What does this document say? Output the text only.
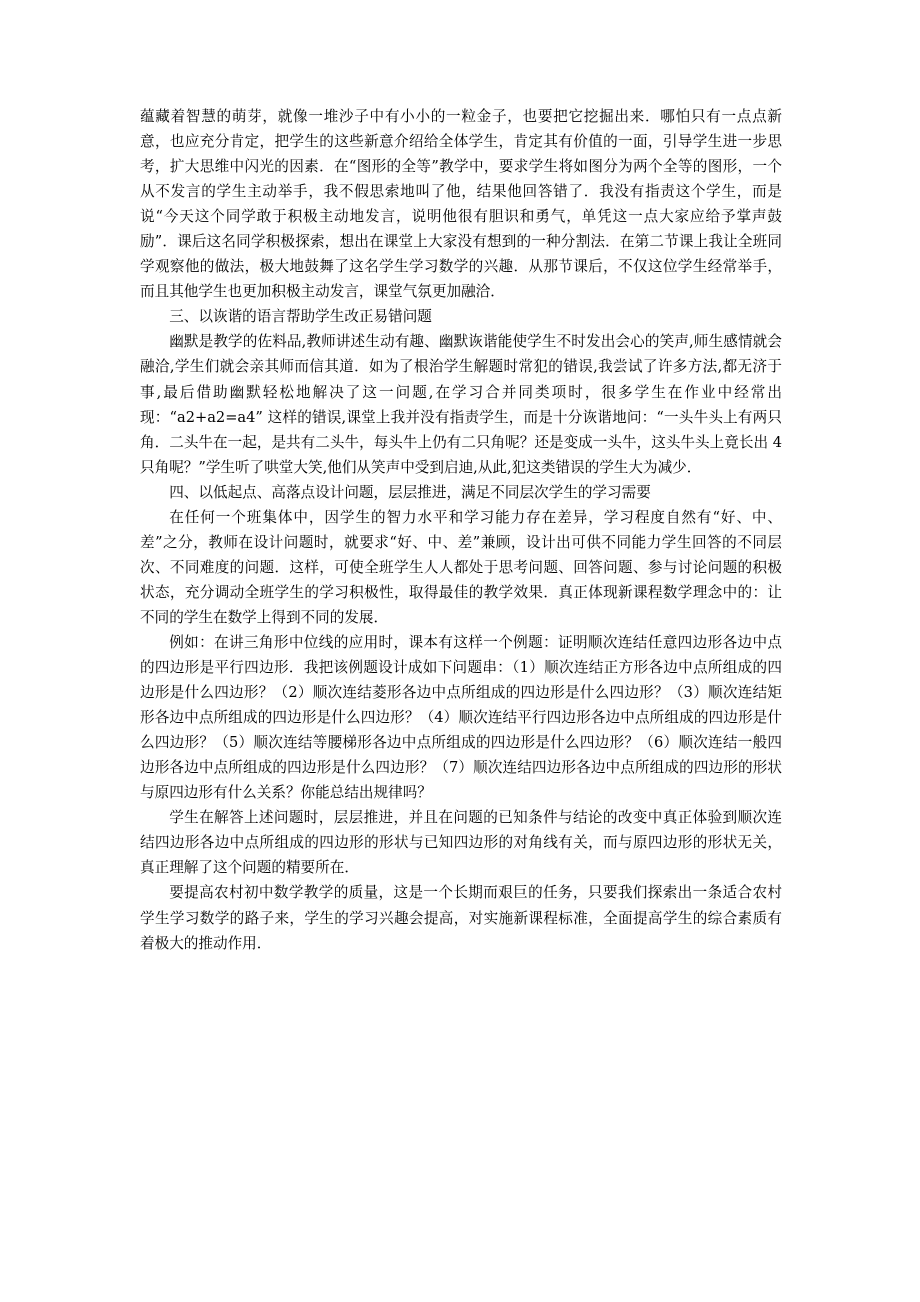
蕴藏着智慧的萌芽，就像一堆沙子中有小小的一粒金子，也要把它挖掘出来．哪怕只有一点点新意，也应充分肯定，把学生的这些新意介绍给全体学生，肯定其有价值的一面，引导学生进一步思考，扩大思维中闪光的因素．在“图形的全等”教学中，要求学生将如图分为两个全等的图形，一个从不发言的学生主动举手，我不假思索地叫了他，结果他回答错了．我没有指责这个学生，而是说“今天这个同学敢于积极主动地发言，说明他很有胆识和勇气，单凭这一点大家应给予掌声鼓励”．课后这名同学积极探索，想出在课堂上大家没有想到的一种分割法．在第二节课上我让全班同学观察他的做法，极大地鼓舞了这名学生学习数学的兴趣．从那节课后，不仅这位学生经常举手，而且其他学生也更加积极主动发言，课堂气氛更加融洽．

三、以诙谐的语言帮助学生改正易错问题

幽默是教学的佐料品,教师讲述生动有趣、幽默诙谐能使学生不时发出会心的笑声,师生感情就会融洽,学生们就会亲其师而信其道．如为了根治学生解题时常犯的错误,我尝试了许多方法,都无济于事,最后借助幽默轻松地解决了这一问题,在学习合并同类项时，很多学生在作业中经常出现：“a2+a2=a4” 这样的错误,课堂上我并没有指责学生，而是十分诙谐地问：“一头牛头上有两只角．二头牛在一起，是共有二头牛，每头牛上仍有二只角呢？还是变成一头牛，这头牛头上竟长出 4 只角呢？”学生听了哄堂大笑,他们从笑声中受到启迪,从此,犯这类错误的学生大为减少．

四、以低起点、高落点设计问题，层层推进，满足不同层次学生的学习需要

在任何一个班集体中，因学生的智力水平和学习能力存在差异，学习程度自然有“好、中、差”之分，教师在设计问题时，就要求“好、中、差”兼顾，设计出可供不同能力学生回答的不同层次、不同难度的问题．这样，可使全班学生人人都处于思考问题、回答问题、参与讨论问题的积极状态，充分调动全班学生的学习积极性，取得最佳的教学效果．真正体现新课程数学理念中的：让不同的学生在数学上得到不同的发展．

例如：在讲三角形中位线的应用时，课本有这样一个例题：证明顺次连结任意四边形各边中点的四边形是平行四边形．我把该例题设计成如下问题串：（1）顺次连结正方形各边中点所组成的四边形是什么四边形？（2）顺次连结菱形各边中点所组成的四边形是什么四边形？（3）顺次连结矩形各边中点所组成的四边形是什么四边形？（4）顺次连结平行四边形各边中点所组成的四边形是什么四边形？（5）顺次连结等腰梯形各边中点所组成的四边形是什么四边形？（6）顺次连结一般四边形各边中点所组成的四边形是什么四边形？（7）顺次连结四边形各边中点所组成的四边形的形状与原四边形有什么关系？你能总结出规律吗？

学生在解答上述问题时，层层推进，并且在问题的已知条件与结论的改变中真正体验到顺次连结四边形各边中点所组成的四边形的形状与已知四边形的对角线有关，而与原四边形的形状无关，真正理解了这个问题的精要所在．

要提高农村初中数学教学的质量，这是一个长期而艰巨的任务，只要我们探索出一条适合农村学生学习数学的路子来，学生的学习兴趣会提高，对实施新课程标准，全面提高学生的综合素质有着极大的推动作用．
